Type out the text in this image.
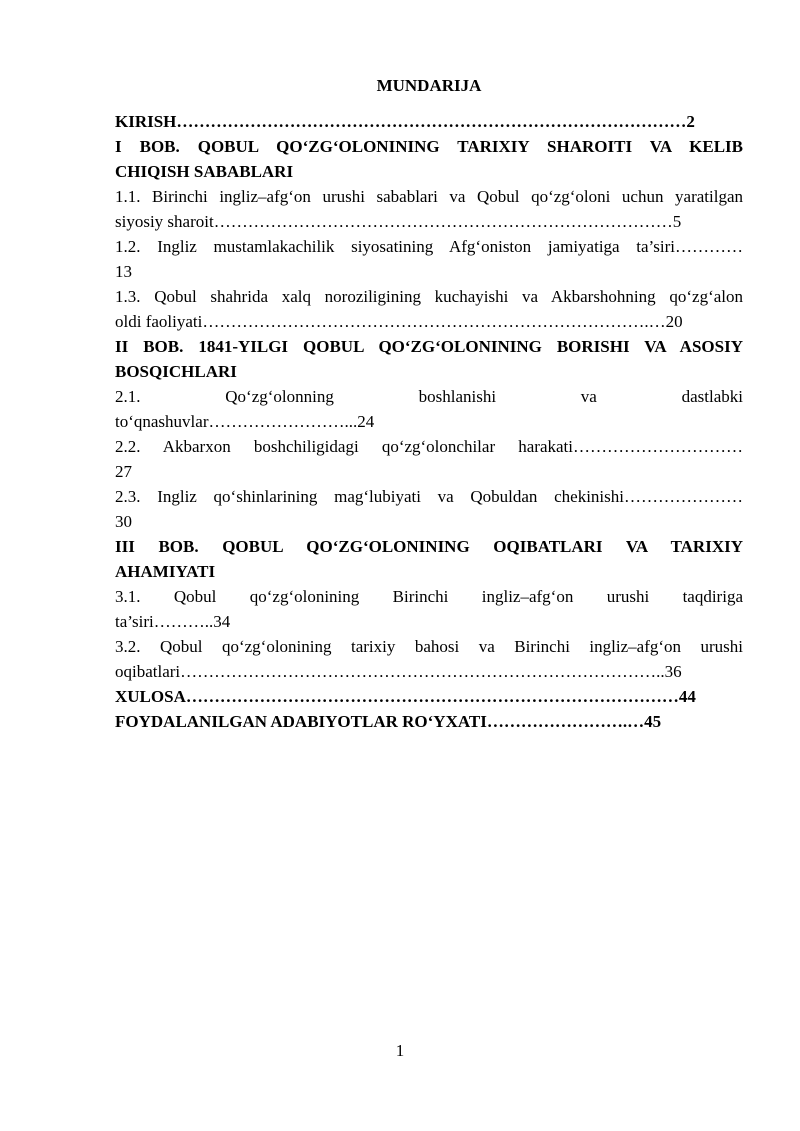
MUNDARIJA
KIRISH………………………………………………………………………………2
I BOB. QOBUL QO‘ZG‘OLONINING TARIXIY SHAROITI VA KELIB
CHIQISH SABABLARI
1.1. Birinchi ingliz–afg‘on urushi sabablari va Qobul qo‘zg‘oloni uchun yaratilgan
siyosiy sharoit………………………………………………………………………5
1.2. Ingliz mustamlakachilik siyosatining Afg‘oniston jamiyatiga ta’siri…………
13
1.3. Qobul shahrida xalq noroziligining kuchayishi va Akbarshohning qo‘zg‘alon
oldi faoliyati…………………………………………………………………….…20
II BOB. 1841-YILGI QOBUL QO‘ZG‘OLONINING BORISHI VA ASOSIY
BOSQICHLARI
2.1. Qo‘zg‘olonning boshlanishi va dastlabki
to‘qnashuvlar……………………...24
2.2. Akbarxon boshchiligidagi qo‘zg‘olonchilar harakati…………………………
27
2.3. Ingliz qo‘shinlarining mag‘lubiyati va Qobuldan chekinishi…………………
30
III BOB. QOBUL QO‘ZG‘OLONINING OQIBATLARI VA TARIXIY
AHAMIYATI
3.1. Qobul qo‘zg‘olonining Birinchi ingliz–afg‘on urushi taqdiriga
ta’siri………..34
3.2. Qobul qo‘zg‘olonining tarixiy bahosi va Birinchi ingliz–afg‘on urushi
oqibatlari…………………………………………………………………………..36
XULOSA……………………………………………………………………………44
FOYDALANILGAN ADABIYOTLAR RO‘YXATI…………………….…45
1
